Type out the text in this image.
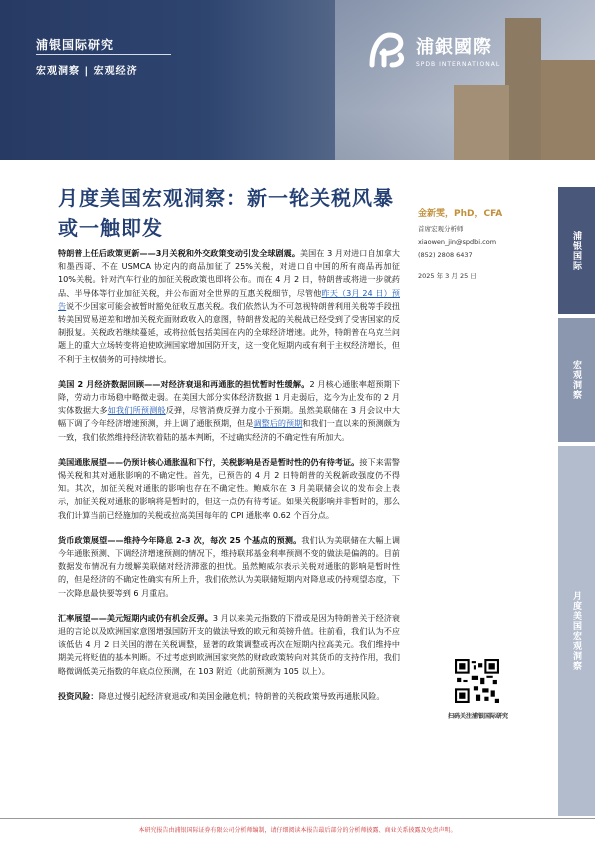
浦银国际研究
宏观洞察 | 宏观经济
浦銀國際
SPDB INTERNATIONAL
月度美国宏观洞察：新一轮关税风暴或一触即发

特朗普上任后政策更新——3月关税和外交政策变动引发全球剧震。美国在 3 月对进口自加拿大和墨西哥、不在 USMCA 协定内的商品加征了 25%关税，对进口自中国的所有商品再加征 10%关税。针对汽车行业的加征关税政策也即将公布。而在 4 月 2 日，特朗普或将进一步就药品、半导体等行业加征关税，并公布面对全世界的互惠关税细节，尽管他昨天（3月 24 日）预告说不少国家可能会被暂时豁免征收互惠关税。我们依然认为不可忽视特朗普利用关税等手段扭转美国贸易逆差和增加关税充面财政收入的意图，特朗普发起的关税战已经受到了受害国家的反制报复。关税政若继续蔓延，或将拉低包括美国在内的全球经济增速。此外，特朗普在乌克兰问题上的重大立场转变将迫使欧洲国家增加国防开支，这一变化短期内或有利于主权经济增长，但不利于主权债务的可持续增长。

美国 2 月经济数据回顾——对经济衰退和再通胀的担忧暂时性缓解。2 月核心通胀率超预期下降，劳动力市场稳中略微走弱。在美国大部分实体经济数据 1 月走弱后，迄今为止发布的 2 月实体数据大多如我们所预测般反弹，尽管消费反弹力度小于预期。虽然美联储在 3 月会议中大幅下调了今年经济增速预测，并上调了通胀预期，但是调整后的预期和我们一直以来的预测颇为一致，我们依然维持经济软着陆的基本判断，不过确实经济的不确定性有所加大。

美国通胀展望——仍预计核心通胀温和下行，关税影响是否是暂时性的仍有待考证。接下来需警惕关税和其对通胀影响的不确定性。首先，已预告的 4 月 2 日特朗普的关税新政强度仍不得知。其次，加征关税对通胀的影响也存在不确定性。鲍威尔在 3 月美联储会议的发布会上表示，加征关税对通胀的影响将是暂时的，但这一点仍有待考证。如果关税影响并非暂时的，那么我们计算当前已经施加的关税或拉高美国每年的 CPI 通胀率 0.62 个百分点。

货币政策展望——维持今年降息 2-3 次，每次 25 个基点的预测。我们认为美联储在大幅上调今年通胀预测、下调经济增速预测的情况下，维持联邦基金利率预测不变的做法是偏鸽的。目前数据发布情况有力缓解美联储对经济滞涨的担忧。虽然鲍威尔表示关税对通胀的影响是暂时性的，但是经济的不确定性确实有所上升，我们依然认为美联储短期内对降息或仍持观望态度，下一次降息最快要等到 6 月重启。

汇率展望——美元短期内或仍有机会反弹。3 月以来美元指数的下滑或是因为特朗普关于经济衰退的言论以及欧洲国家意图增强国防开支的做法导致的欧元和英镑升值。往前看，我们认为不应该低估 4 月 2 日关国的潜在关税调整，显著的政策调整或再次在短期内拉高美元。我们维持中期美元将贬值的基本判断。不过考虑到欧洲国家突然的财政政策转向对其货币的支持作用，我们略微调低美元指数的年底点位预测，在 103 附近（此前预测为 105 以上）。

投资风险：降息过慢引起经济衰退或/和美国金融危机；特朗普的关税政策导致再通胀风险。

金新雯，PhD，CFA
首席宏观分析师
xiaowen_jin@spdbi.com
(852) 2808 6437
2025 年 3 月 25 日
浦银国际
宏观洞察
月度美国宏观洞察
扫码关注浦银国际研究
本研究报告由浦银国际证券有限公司分析师编制，请仔细阅读本报告最后部分的分析师披露、商业关系披露及免责声明。
